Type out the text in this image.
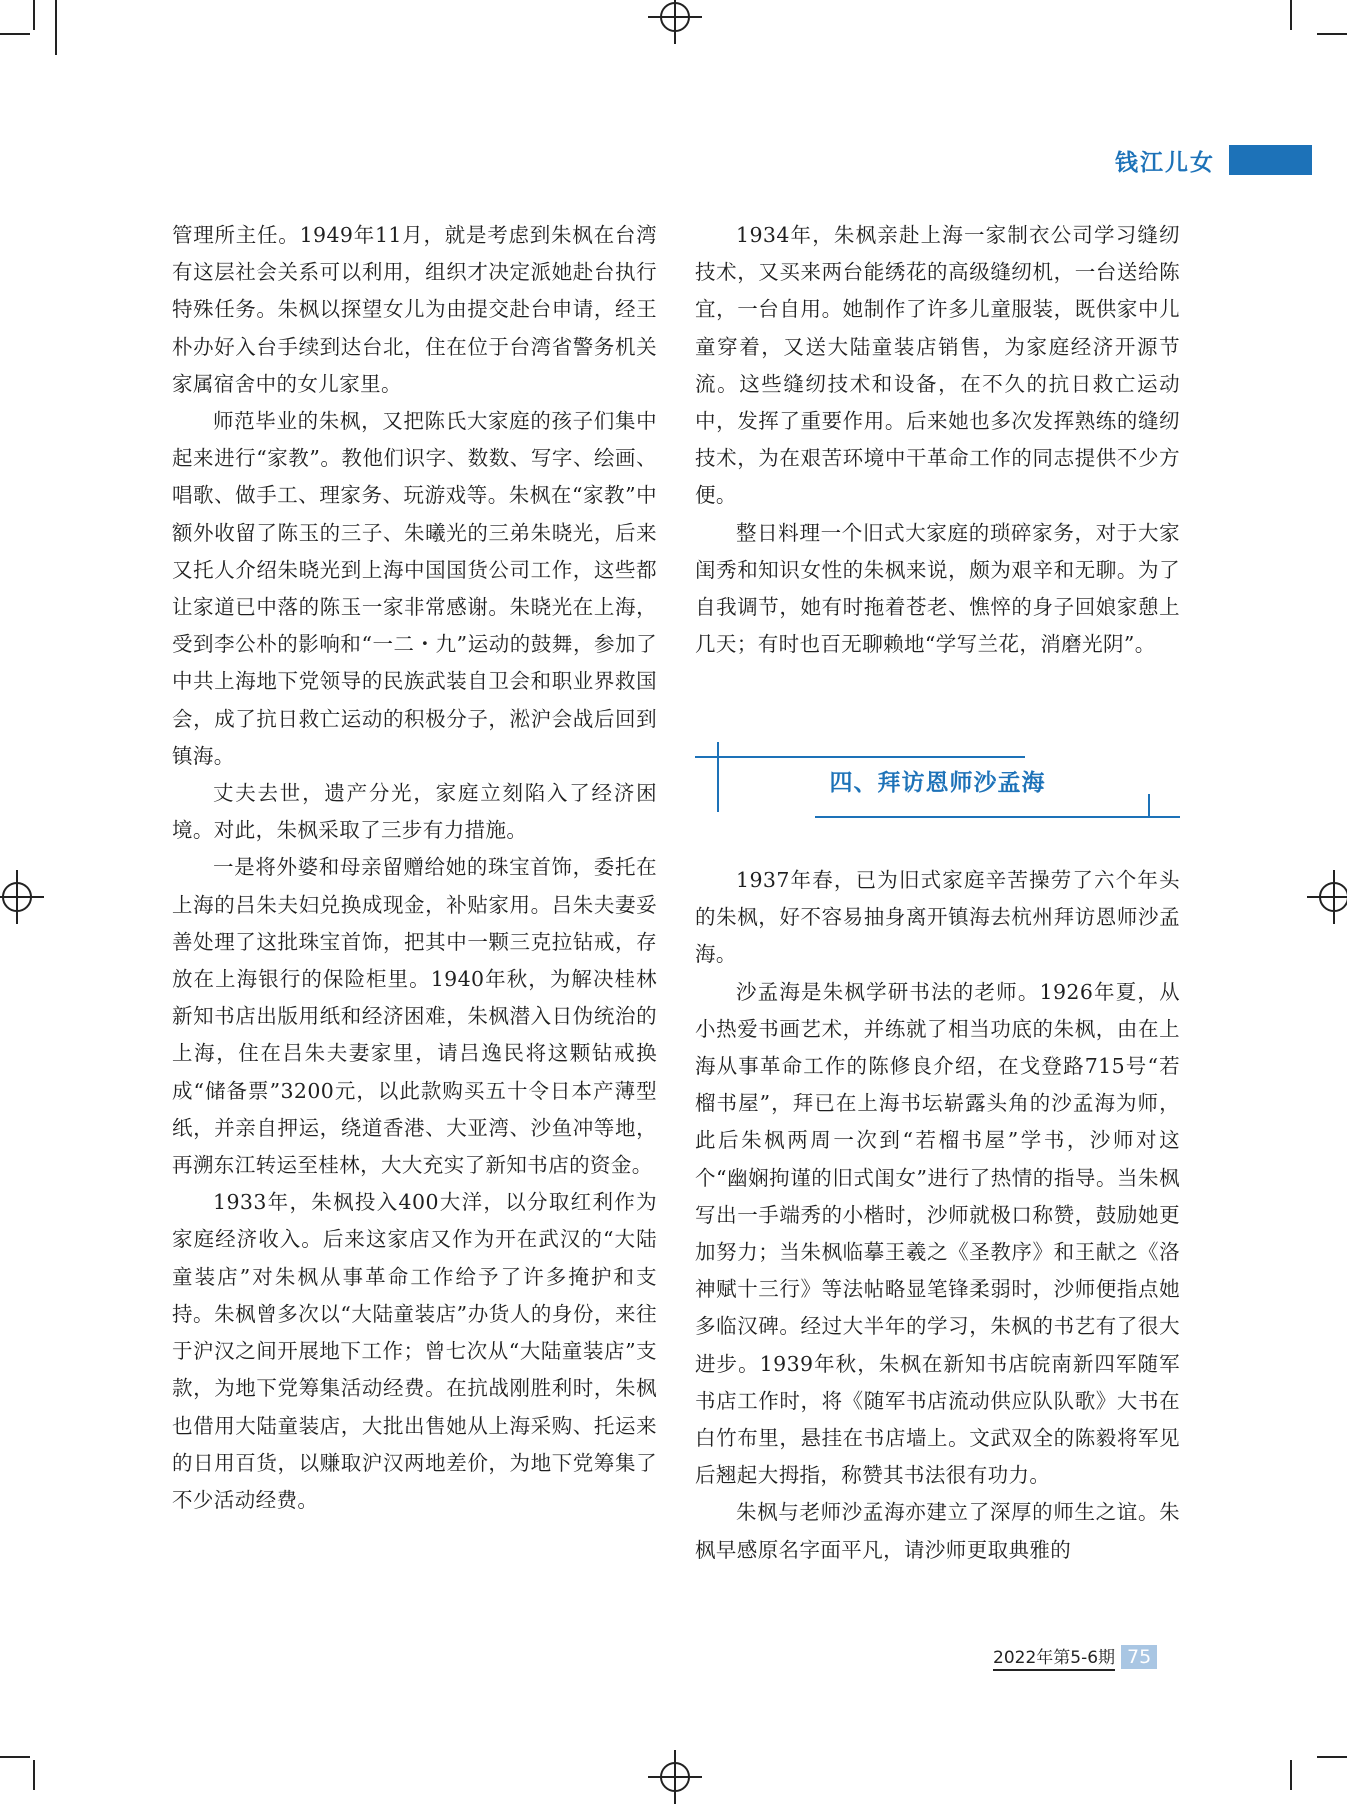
钱江儿女

管理所主任。1949年11月，就是考虑到朱枫在台湾有这层社会关系可以利用，组织才决定派她赴台执行特殊任务。朱枫以探望女儿为由提交赴台申请，经王朴办好入台手续到达台北，住在位于台湾省警务机关家属宿舍中的女儿家里。

师范毕业的朱枫，又把陈氏大家庭的孩子们集中起来进行“家教”。教他们识字、数数、写字、绘画、唱歌、做手工、理家务、玩游戏等。朱枫在“家教”中额外收留了陈玉的三子、朱曦光的三弟朱晓光，后来又托人介绍朱晓光到上海中国国货公司工作，这些都让家道已中落的陈玉一家非常感谢。朱晓光在上海，受到李公朴的影响和“一二・九”运动的鼓舞，参加了中共上海地下党领导的民族武装自卫会和职业界救国会，成了抗日救亡运动的积极分子，淞沪会战后回到镇海。

丈夫去世，遗产分光，家庭立刻陷入了经济困境。对此，朱枫采取了三步有力措施。

一是将外婆和母亲留赠给她的珠宝首饰，委托在上海的吕朱夫妇兑换成现金，补贴家用。吕朱夫妻妥善处理了这批珠宝首饰，把其中一颗三克拉钻戒，存放在上海银行的保险柜里。1940年秋，为解决桂林新知书店出版用纸和经济困难，朱枫潜入日伪统治的上海，住在吕朱夫妻家里，请吕逸民将这颗钻戒换成“储备票”3200元，以此款购买五十令日本产薄型纸，并亲自押运，绕道香港、大亚湾、沙鱼冲等地，再溯东江转运至桂林，大大充实了新知书店的资金。

1933年，朱枫投入400大洋，以分取红利作为家庭经济收入。后来这家店又作为开在武汉的“大陆童装店”对朱枫从事革命工作给予了许多掩护和支持。朱枫曾多次以“大陆童装店”办货人的身份，来往于沪汉之间开展地下工作；曾七次从“大陆童装店”支款，为地下党筹集活动经费。在抗战刚胜利时，朱枫也借用大陆童装店，大批出售她从上海采购、托运来的日用百货，以赚取沪汉两地差价，为地下党筹集了不少活动经费。

1934年，朱枫亲赴上海一家制衣公司学习缝纫技术，又买来两台能绣花的高级缝纫机，一台送给陈宜，一台自用。她制作了许多儿童服装，既供家中儿童穿着，又送大陆童装店销售，为家庭经济开源节流。这些缝纫技术和设备，在不久的抗日救亡运动中，发挥了重要作用。后来她也多次发挥熟练的缝纫技术，为在艰苦环境中干革命工作的同志提供不少方便。

整日料理一个旧式大家庭的琐碎家务，对于大家闺秀和知识女性的朱枫来说，颇为艰辛和无聊。为了自我调节，她有时拖着苍老、憔悴的身子回娘家憩上几天；有时也百无聊赖地“学写兰花，消磨光阴”。

四、拜访恩师沙孟海

1937年春，已为旧式家庭辛苦操劳了六个年头的朱枫，好不容易抽身离开镇海去杭州拜访恩师沙孟海。

沙孟海是朱枫学研书法的老师。1926年夏，从小热爱书画艺术，并练就了相当功底的朱枫，由在上海从事革命工作的陈修良介绍，在戈登路715号“若榴书屋”，拜已在上海书坛崭露头角的沙孟海为师，此后朱枫两周一次到“若榴书屋”学书，沙师对这个“幽娴拘谨的旧式闺女”进行了热情的指导。当朱枫写出一手端秀的小楷时，沙师就极口称赞，鼓励她更加努力；当朱枫临摹王羲之《圣教序》和王献之《洛神赋十三行》等法帖略显笔锋柔弱时，沙师便指点她多临汉碑。经过大半年的学习，朱枫的书艺有了很大进步。1939年秋，朱枫在新知书店皖南新四军随军书店工作时，将《随军书店流动供应队队歌》大书在白竹布里，悬挂在书店墙上。文武双全的陈毅将军见后翘起大拇指，称赞其书法很有功力。

朱枫与老师沙孟海亦建立了深厚的师生之谊。朱枫早感原名字面平凡，请沙师更取典雅的

2022年第5-6期 75
